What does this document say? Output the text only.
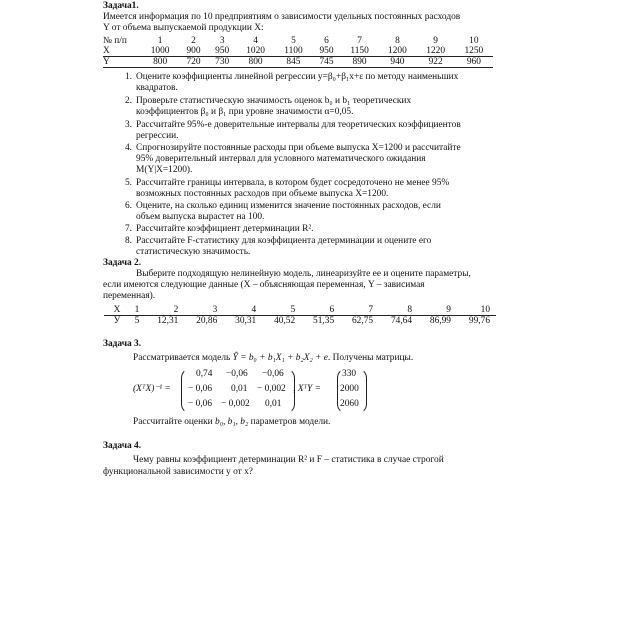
Задача1.
Имеется информация по 10 предприятиям о зависимости удельных постоянных расходов
Y от объема выпускаемой продукции Х:
№ п/п	1	2	3	4	5	6	7	8	9	10
X	1000	900	950	1020	1100	950	1150	1200	1220	1250
Y	800	720	730	800	845	745	890	940	922	960
1. Оцените коэффициенты линейной регрессии y=β₀+β₁x+ε по методу наименьших
квадратов.
2. Проверьте статистическую значимость оценок b₀ и b₁ теоретических
коэффициентов β₀ и β₁ при уровне значимости α=0,05.
3. Рассчитайте 95%-е доверительные интервалы для теоретических коэффициентов
регрессии.
4. Спрогнозируйте постоянные расходы при объеме выпуска X=1200 и рассчитайте
95% доверительный интервал для условного математического ожидания
M(Y|X=1200).
5. Рассчитайте границы интервала, в котором будет сосредоточено не менее 95%
возможных постоянных расходов при объеме выпуска X=1200.
6. Оцените, на сколько единиц изменится значение постоянных расходов, если
объем выпуска вырастет на 100.
7. Рассчитайте коэффициент детерминации R².
8. Рассчитайте F-статистику для коэффициента детерминации и оцените его
статистическую значимость.
Задача 2.
Выберите подходящую нелинейную модель, линеаризуйте ее и оцените параметры,
если имеются следующие данные (X – объясняющая переменная, Y – зависимая
переменная).
X	1	2	3	4	5	6	7	8	9	10
У	5	12,31	20,86	30,31	40,52	51,35	62,75	74,64	86,99	99,76
Задача 3.
Рассматривается модель Ŷ = b₀ + b₁X₁ + b₂X₂ + e. Получены матрицы.
(XᵀX)⁻¹ =
0,74 −0,06 −0,06
− 0,06 0,01 − 0,002
− 0,06 − 0,002 0,01
, XᵀY =
330
2000
2060
Рассчитайте оценки b₀, b₁, b₂ параметров модели.
Задача 4.
Чему равны коэффициент детерминации R² и F – статистика в случае строгой
функциональной зависимости y от x?
